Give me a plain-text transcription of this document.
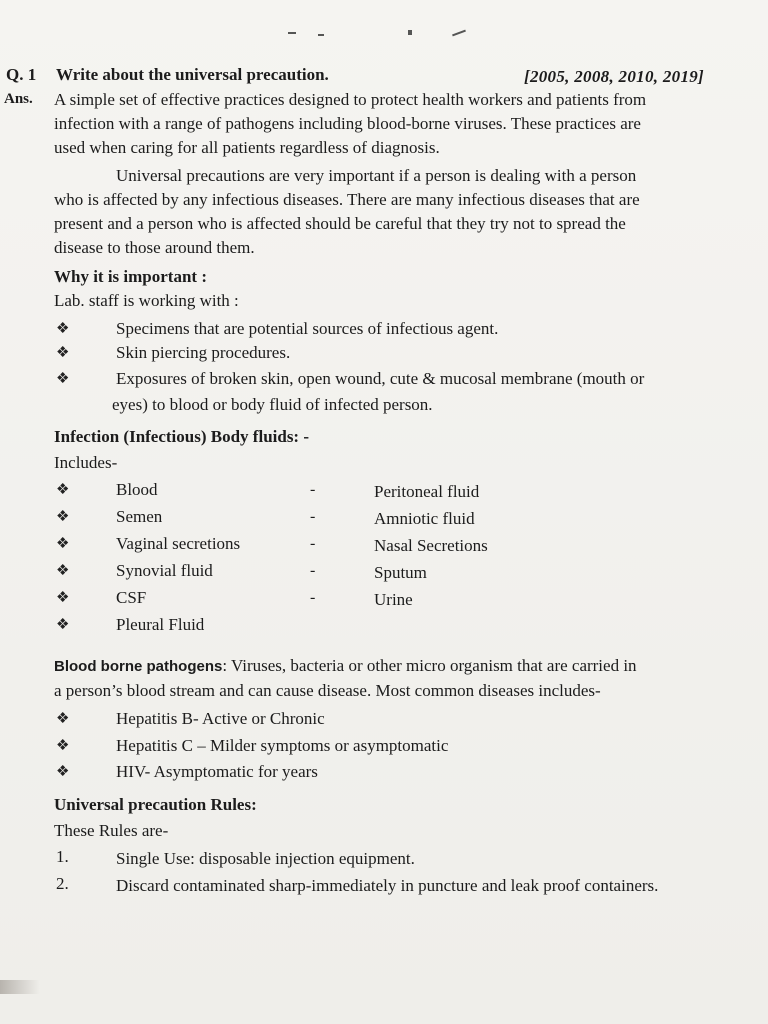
Q. 1 Write about the universal precaution.	[2005, 2008, 2010, 2019]
Ans. A simple set of effective practices designed to protect health workers and patients from
infection with a range of pathogens including blood-borne viruses. These practices are
used when caring for all patients regardless of diagnosis.
Universal precautions are very important if a person is dealing with a person
who is affected by any infectious diseases. There are many infectious diseases that are
present and a person who is affected should be careful that they try not to spread the
disease to those around them.
Why it is important :
Lab. staff is working with :
❖	Specimens that are potential sources of infectious agent.
❖	Skin piercing procedures.
❖	Exposures of broken skin, open wound, cute & mucosal membrane (mouth or
eyes) to blood or body fluid of infected person.
Infection (Infectious) Body fluids: -
Includes-
❖	Blood	-	Peritoneal fluid
❖	Semen	-	Amniotic fluid
❖	Vaginal secretions	-	Nasal Secretions
❖	Synovial fluid	-	Sputum
❖	CSF	-	Urine
❖	Pleural Fluid
Blood borne pathogens: Viruses, bacteria or other micro organism that are carried in
a person’s blood stream and can cause disease. Most common diseases includes-
❖	Hepatitis B- Active or Chronic
❖	Hepatitis C – Milder symptoms or asymptomatic
❖	HIV- Asymptomatic for years
Universal precaution Rules:
These Rules are-
1.	Single Use: disposable injection equipment.
2.	Discard contaminated sharp-immediately in puncture and leak proof containers.
